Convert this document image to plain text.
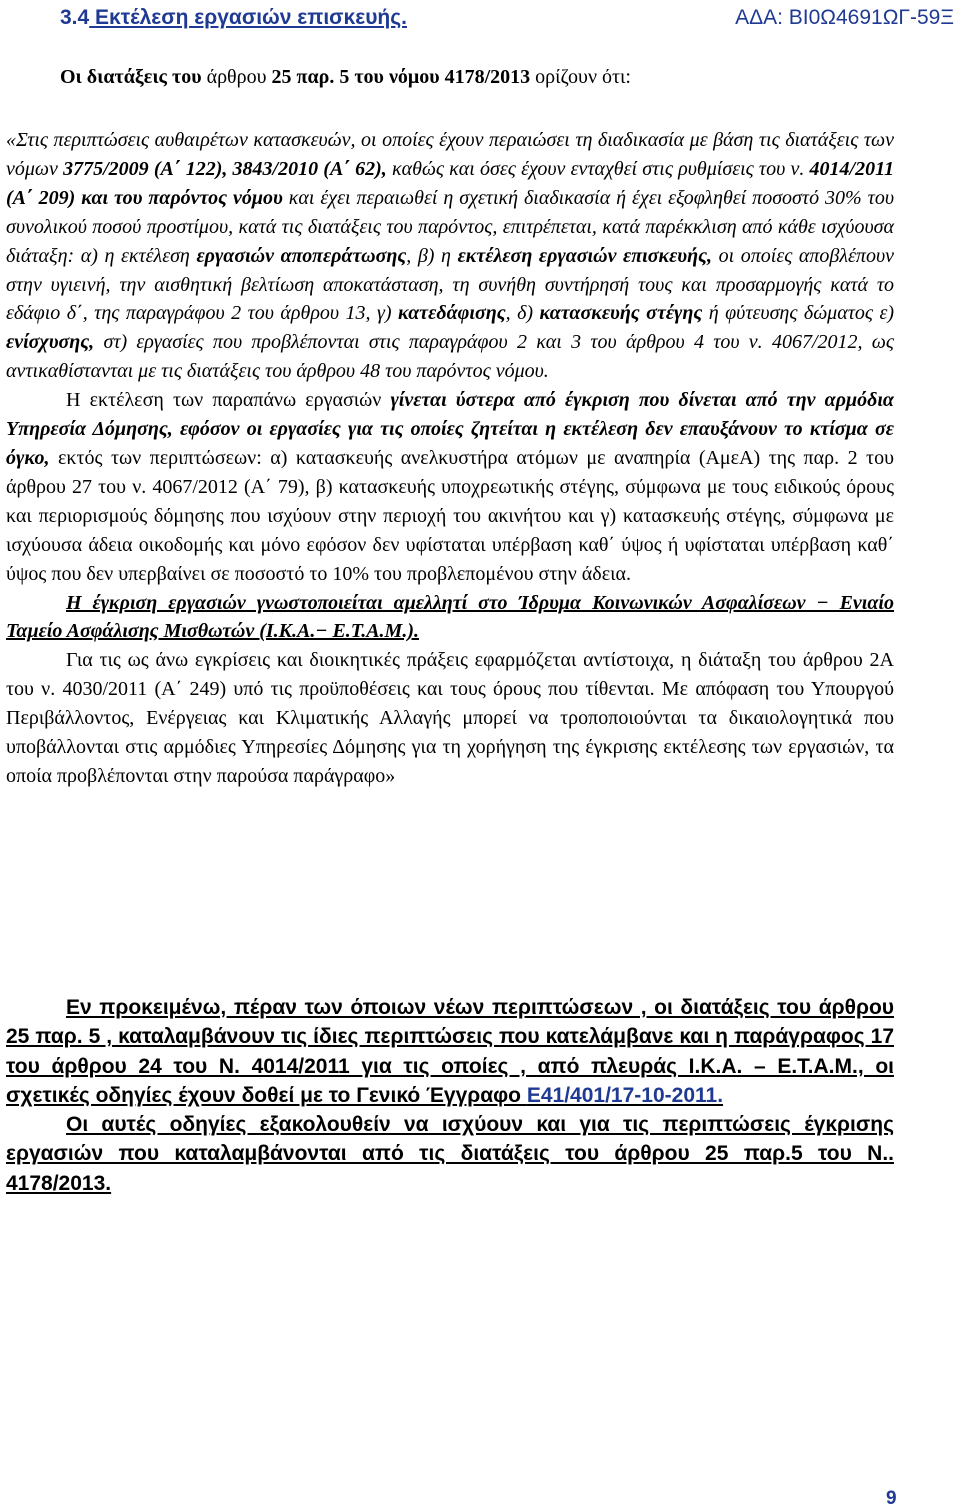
3.4 Εκτέλεση εργασιών επισκευής.	ΑΔΑ: ΒΙ0Ω4691ΩΓ-59Ξ

Οι διατάξεις του άρθρου 25 παρ. 5 του νόμου 4178/2013 ορίζουν ότι:

«Στις περιπτώσεις αυθαιρέτων κατασκευών, οι οποίες έχουν περαιώσει τη διαδικασία με βάση τις διατάξεις των νόμων 3775/2009 (Α΄ 122), 3843/2010 (Α΄ 62), καθώς και όσες έχουν ενταχθεί στις ρυθμίσεις του ν. 4014/2011 (Α΄ 209) και του παρόντος νόμου και έχει περαιωθεί η σχετική διαδικασία ή έχει εξοφληθεί ποσοστό 30% του συνολικού ποσού προστίμου, κατά τις διατάξεις του παρόντος, επιτρέπεται, κατά παρέκκλιση από κάθε ισχύουσα διάταξη: α) η εκτέλεση εργασιών αποπεράτωσης, β) η εκτέλεση εργασιών επισκευής, οι οποίες αποβλέπουν στην υγιεινή, την αισθητική βελτίωση αποκατάσταση, τη συνήθη συντήρησή τους και προσαρμογής κατά το εδάφιο δ΄, της παραγράφου 2 του άρθρου 13, γ) κατεδάφισης, δ) κατασκευής στέγης ή φύτευσης δώματος ε) ενίσχυσης, στ) εργασίες που προβλέπονται στις παραγράφου 2 και 3 του άρθρου 4 του ν. 4067/2012, ως αντικαθίστανται με τις διατάξεις του άρθρου 48 του παρόντος νόμου.

Η εκτέλεση των παραπάνω εργασιών γίνεται ύστερα από έγκριση που δίνεται από την αρμόδια Υπηρεσία Δόμησης, εφόσον οι εργασίες για τις οποίες ζητείται η εκτέλεση δεν επαυξάνουν το κτίσμα σε όγκο, εκτός των περιπτώσεων: α) κατασκευής ανελκυστήρα ατόμων με αναπηρία (ΑμεΑ) της παρ. 2 του άρθρου 27 του ν. 4067/2012 (Α΄ 79), β) κατασκευής υποχρεωτικής στέγης, σύμφωνα με τους ειδικούς όρους και περιορισμούς δόμησης που ισχύουν στην περιοχή του ακινήτου και γ) κατασκευής στέγης, σύμφωνα με ισχύουσα άδεια οικοδομής και μόνο εφόσον δεν υφίσταται υπέρβαση καθ΄ ύψος ή υφίσταται υπέρβαση καθ΄ ύψος που δεν υπερβαίνει σε ποσοστό το 10% του προβλεπομένου στην άδεια.

Η έγκριση εργασιών γνωστοποιείται αμελλητί στο Ίδρυμα Κοινωνικών Ασφαλίσεων − Ενιαίο Ταμείο Ασφάλισης Μισθωτών (Ι.Κ.Α.− Ε.Τ.Α.Μ.).

Για τις ως άνω εγκρίσεις και διοικητικές πράξεις εφαρμόζεται αντίστοιχα, η διάταξη του άρθρου 2Α του ν. 4030/2011 (Α΄ 249) υπό τις προϋποθέσεις και τους όρους που τίθενται. Με απόφαση του Υπουργού Περιβάλλοντος, Ενέργειας και Κλιματικής Αλλαγής μπορεί να τροποποιούνται τα δικαιολογητικά που υποβάλλονται στις αρμόδιες Υπηρεσίες Δόμησης για τη χορήγηση της έγκρισης εκτέλεσης των εργασιών, τα οποία προβλέπονται στην παρούσα παράγραφο»

Εν προκειμένω, πέραν των όποιων νέων περιπτώσεων , οι διατάξεις του άρθρου 25 παρ. 5 , καταλαμβάνουν τις ίδιες περιπτώσεις που κατελάμβανε και η παράγραφος 17 του άρθρου 24 του Ν. 4014/2011 για τις οποίες , από πλευράς Ι.Κ.Α. – Ε.Τ.Α.Μ., οι σχετικές οδηγίες έχουν δοθεί με το Γενικό Έγγραφο Ε41/401/17-10-2011.

Οι αυτές οδηγίες εξακολουθείν να ισχύουν και για τις περιπτώσεις έγκρισης εργασιών που καταλαμβάνονται από τις διατάξεις του άρθρου 25 παρ.5 του Ν.. 4178/2013.

9
